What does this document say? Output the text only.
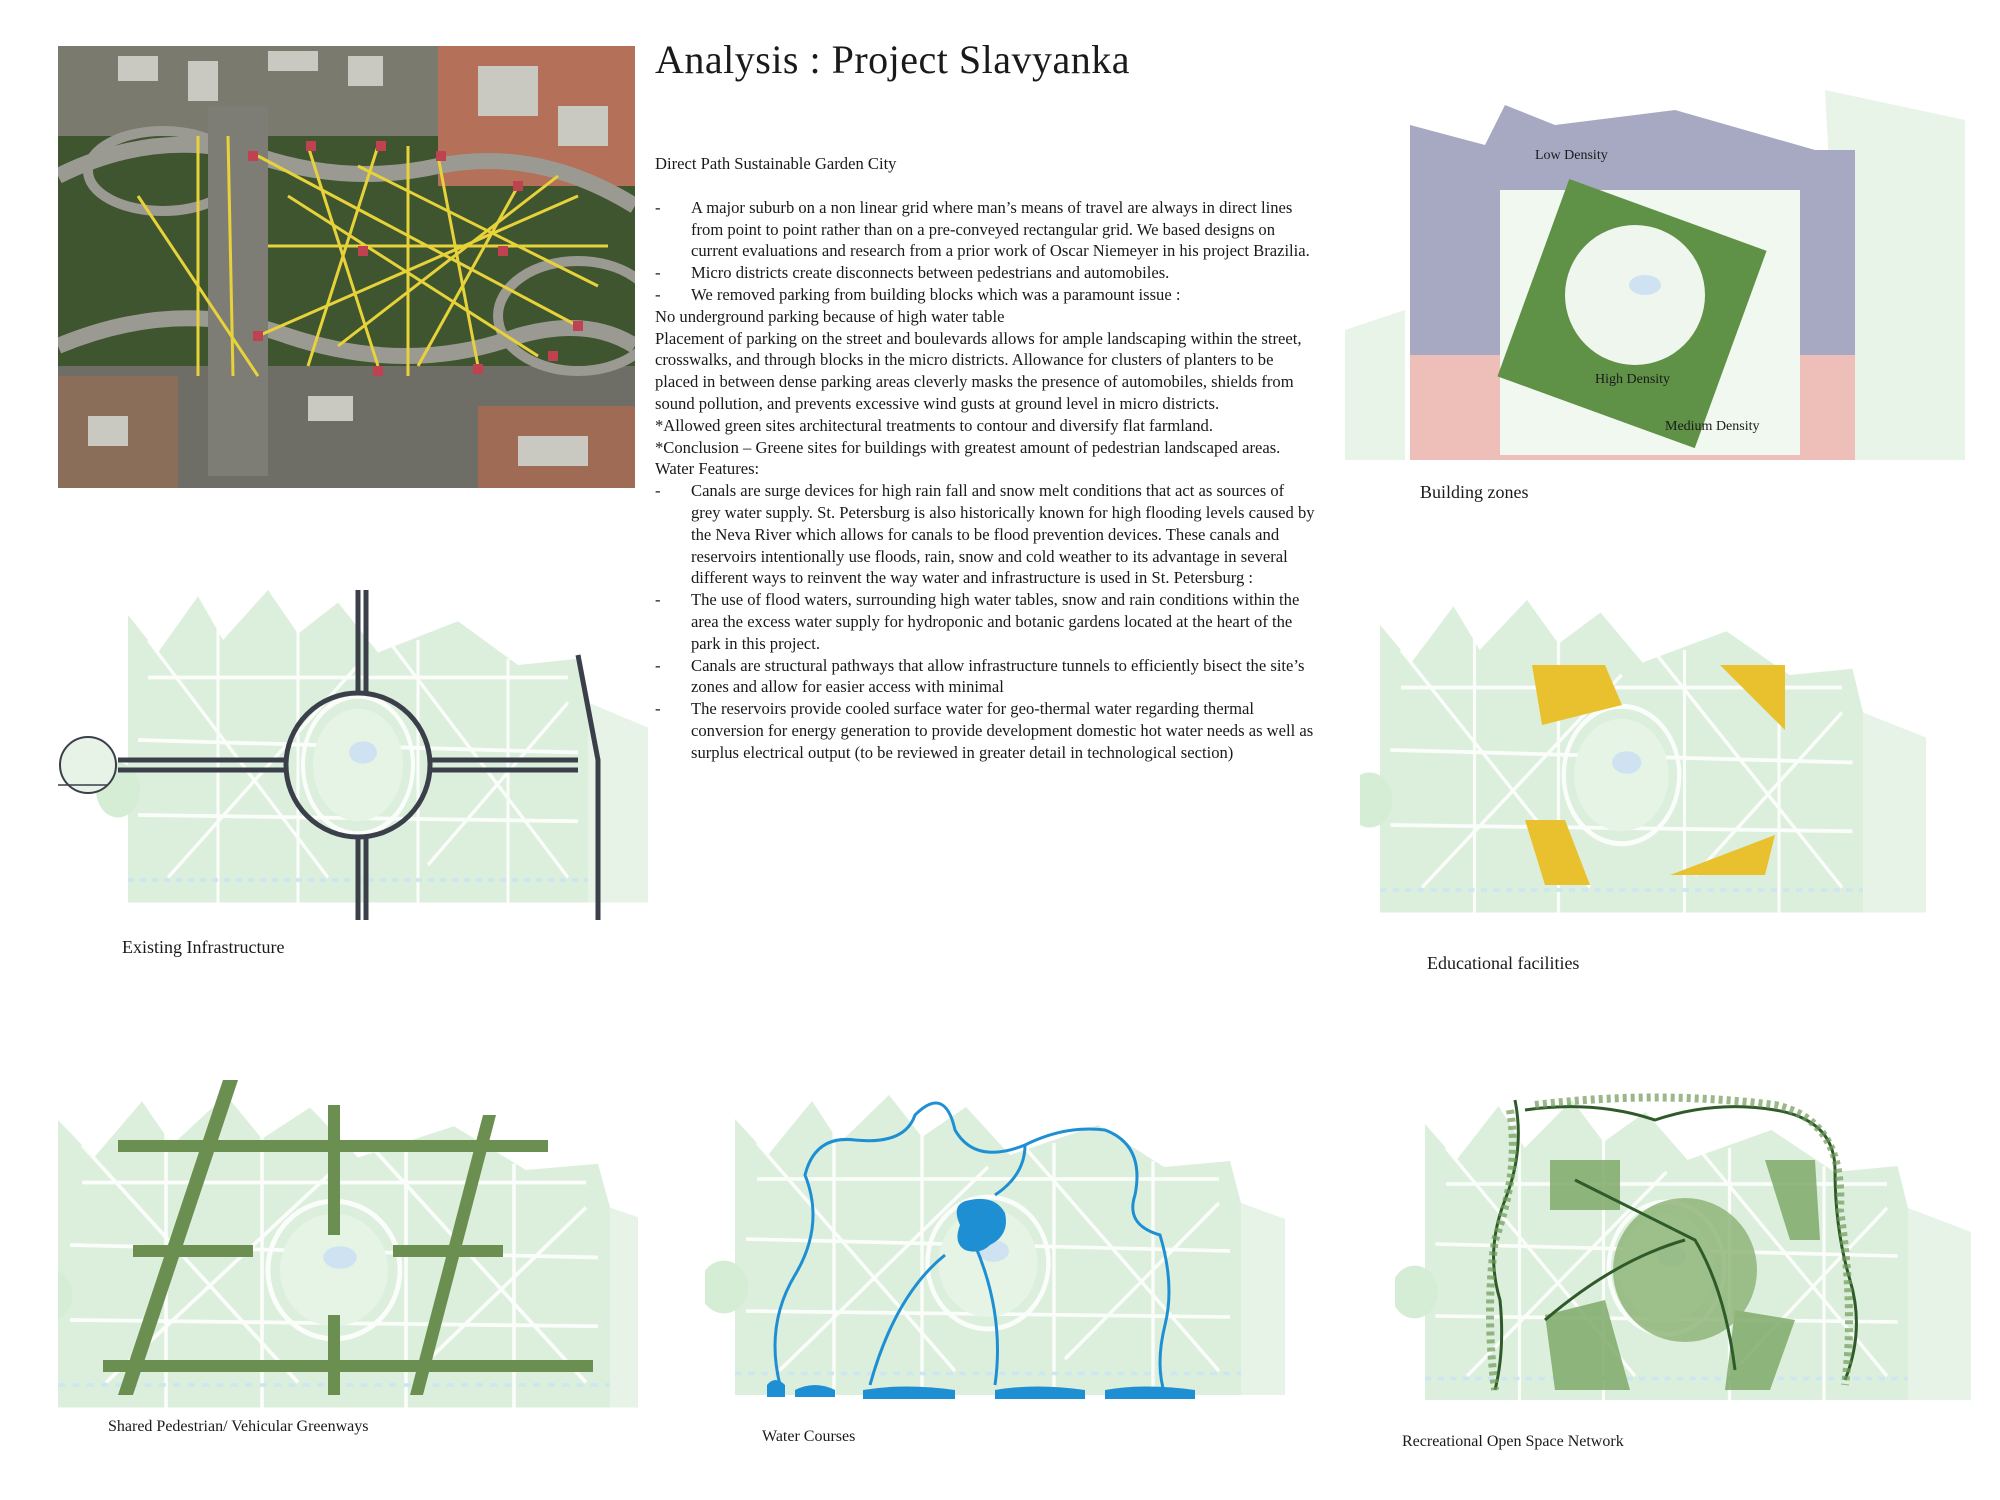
Analysis : Project Slavyanka

Direct Path Sustainable Garden City

- A major suburb on a non linear grid where man’s means of travel are always in direct lines from point to point rather than on a pre-conveyed rectangular grid. We based designs on current evaluations and research from a prior work of Oscar Niemeyer in his project Brazilia.

- Micro districts create disconnects between pedestrians and automobiles.

- We removed parking from building blocks which was a paramount issue :

No underground parking because of high water table

Placement of parking on the street and boulevards allows for ample landscaping within the street, crosswalks, and through blocks in the micro districts. Allowance for clusters of planters to be placed in between dense parking areas cleverly masks the presence of automobiles, shields from sound pollution, and prevents excessive wind gusts at ground level in micro districts.

*Allowed green sites architectural treatments to contour and diversify flat farmland.

*Conclusion – Greene sites for buildings with greatest amount of pedestrian landscaped areas.

Water Features:

- Canals are surge devices for high rain fall and snow melt conditions that act as sources of grey water supply. St. Petersburg is also historically known for high flooding levels caused by the Neva River which allows for canals to be flood prevention devices. These canals and reservoirs intentionally use floods, rain, snow and cold weather to its advantage in several different ways to reinvent the way water and infrastructure is used in St. Petersburg :

- The use of flood waters, surrounding high water tables, snow and rain conditions within the area the excess water supply for hydroponic and botanic gardens located at the heart of the park in this project.

- Canals are structural pathways that allow infrastructure tunnels to efficiently bisect the site’s zones and allow for easier access with minimal

- The reservoirs provide cooled surface water for geo-thermal water regarding thermal conversion for energy generation to provide development domestic hot water needs as well as surplus electrical output (to be reviewed in greater detail in technological section)

Low Density
High Density
Medium Density
Building zones
Existing Infrastructure
Educational facilities
Shared Pedestrian/ Vehicular Greenways
Water Courses	Recreational Open Space Network
